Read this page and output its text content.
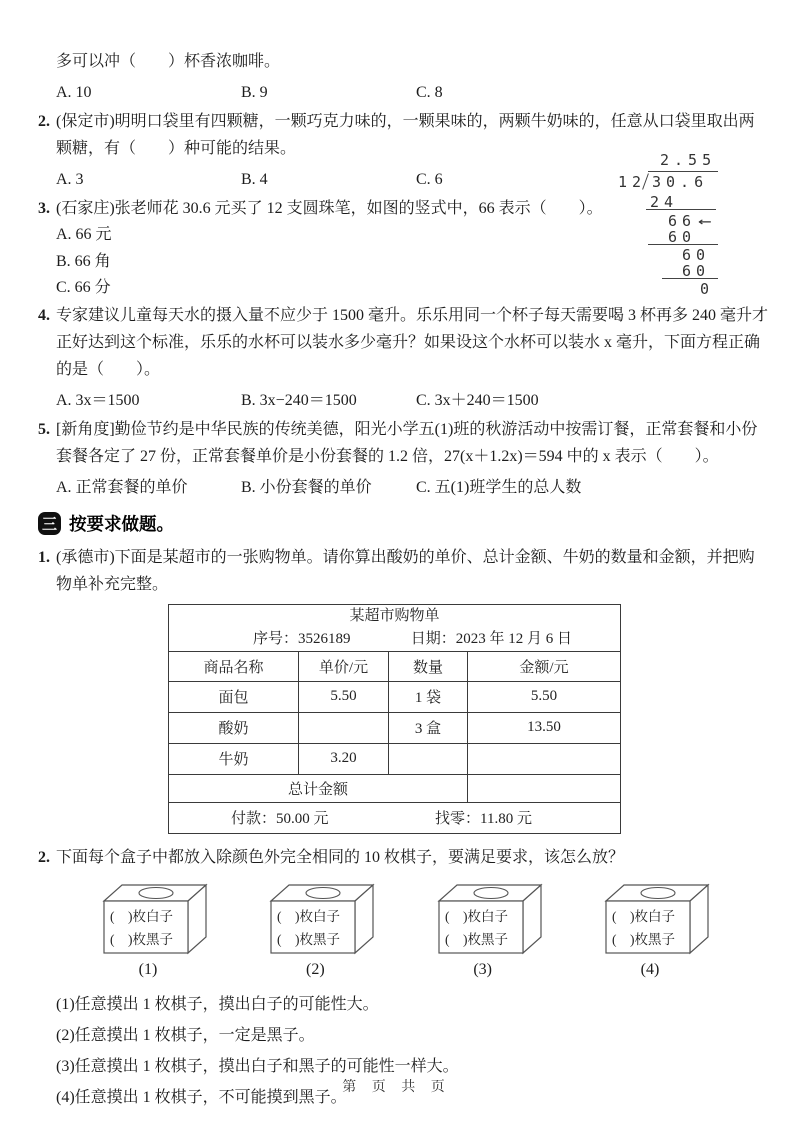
多可以冲（　　）杯香浓咖啡。
A. 10	B. 9	C. 8
2. (保定市)明明口袋里有四颗糖，一颗巧克力味的，一颗果味的，两颗牛奶味的，任意从口袋里取出两颗糖，有（　　）种可能的结果。
A. 3	B. 4	C. 6
3. (石家庄)张老师花 30.6 元买了 12 支圆珠笔，如图的竖式中，66 表示（　　）。
A. 66 元
B. 66 角
C. 66 分
4. 专家建议儿童每天水的摄入量不应少于 1500 毫升。乐乐用同一个杯子每天需要喝 3 杯再多 240 毫升才正好达到这个标准，乐乐的水杯可以装水多少毫升？如果设这个水杯可以装水 x 毫升，下面方程正确的是（　　）。
A. 3x＝1500	B. 3x−240＝1500	C. 3x＋240＝1500
5. [新角度]勤俭节约是中华民族的传统美德，阳光小学五(1)班的秋游活动中按需订餐，正常套餐和小份套餐各定了 27 份，正常套餐单价是小份套餐的 1.2 倍，27(x＋1.2x)＝594 中的 x 表示（　　）。
A. 正常套餐的单价	B. 小份套餐的单价	C. 五(1)班学生的总人数
三 按要求做题。
1. (承德市)下面是某超市的一张购物单。请你算出酸奶的单价、总计金额、牛奶的数量和金额，并把购物单补充完整。
某超市购物单
序号：3526189 日期：2023 年 12 月 6 日			

商品名称	单价/元	数量	金额/元
面包	5.50	1 袋	5.50
酸奶		3 盒	13.50
牛奶	3.20		
总计金额			

付款：50.00 元 找零：11.80 元			
2. 下面每个盒子中都放入除颜色外完全相同的 10 枚棋子，要满足要求，该怎么放？
(　)枚白子
(　)枚黑子
(1)
(　)枚白子
(　)枚黑子
(2)
(　)枚白子
(　)枚黑子
(3)
(　)枚白子
(　)枚黑子
(4)
(1)任意摸出 1 枚棋子，摸出白子的可能性大。
(2)任意摸出 1 枚棋子，一定是黑子。
(3)任意摸出 1 枚棋子，摸出白子和黑子的可能性一样大。
(4)任意摸出 1 枚棋子，不可能摸到黑子。
2.55
12 30.6
24
66 ←
60
60
60
0
第 页 共 页
